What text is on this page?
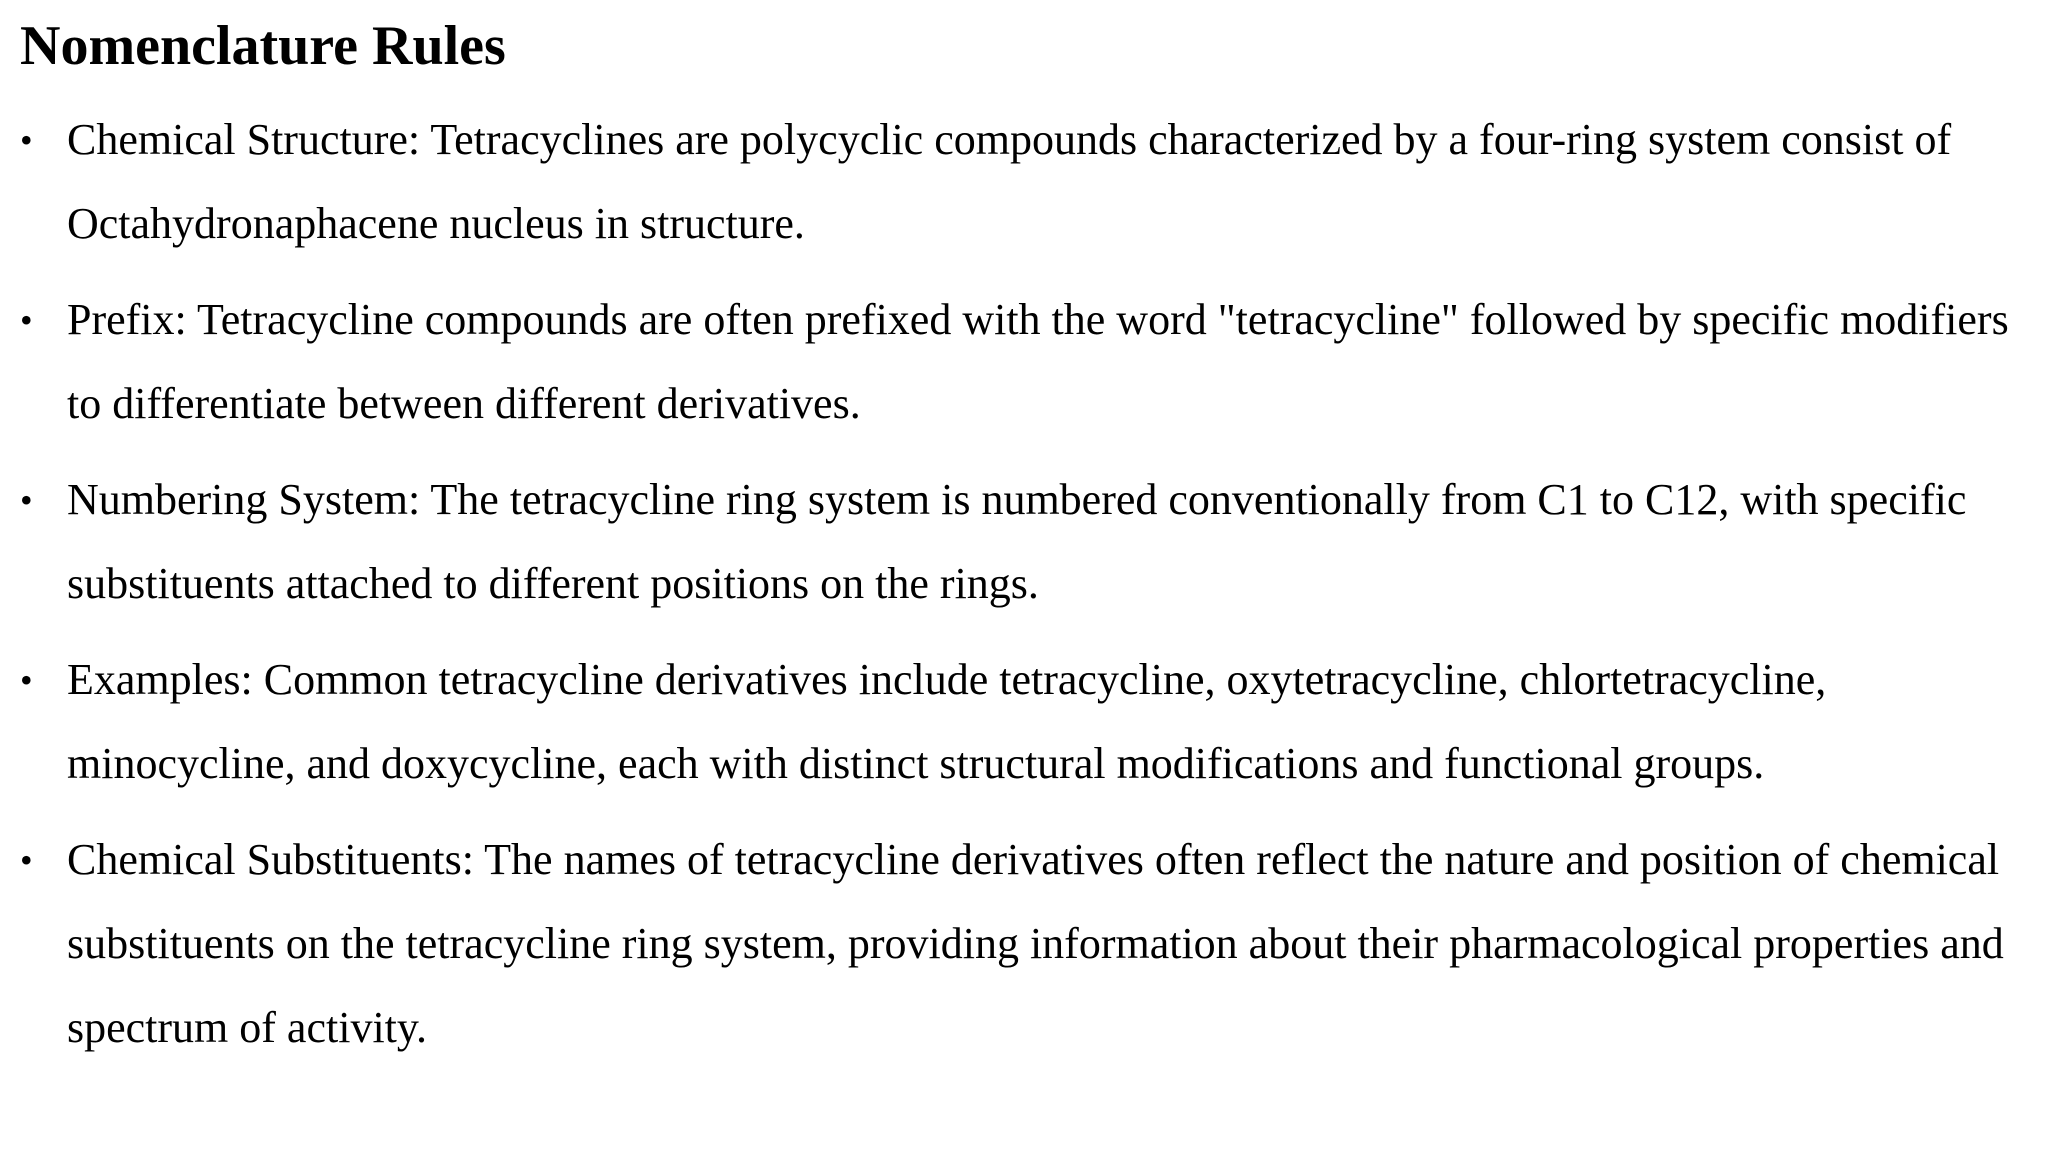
Nomenclature Rules
• Chemical Structure: Tetracyclines are polycyclic compounds characterized by a four-ring system consist of Octahydronaphacene nucleus in structure.
• Prefix: Tetracycline compounds are often prefixed with the word "tetracycline" followed by specific modifiers to differentiate between different derivatives.
• Numbering System: The tetracycline ring system is numbered conventionally from C1 to C12, with specific substituents attached to different positions on the rings.
• Examples: Common tetracycline derivatives include tetracycline, oxytetracycline, chlortetracycline, minocycline, and doxycycline, each with distinct structural modifications and functional groups.
• Chemical Substituents: The names of tetracycline derivatives often reflect the nature and position of chemical substituents on the tetracycline ring system, providing information about their pharmacological properties and spectrum of activity.
